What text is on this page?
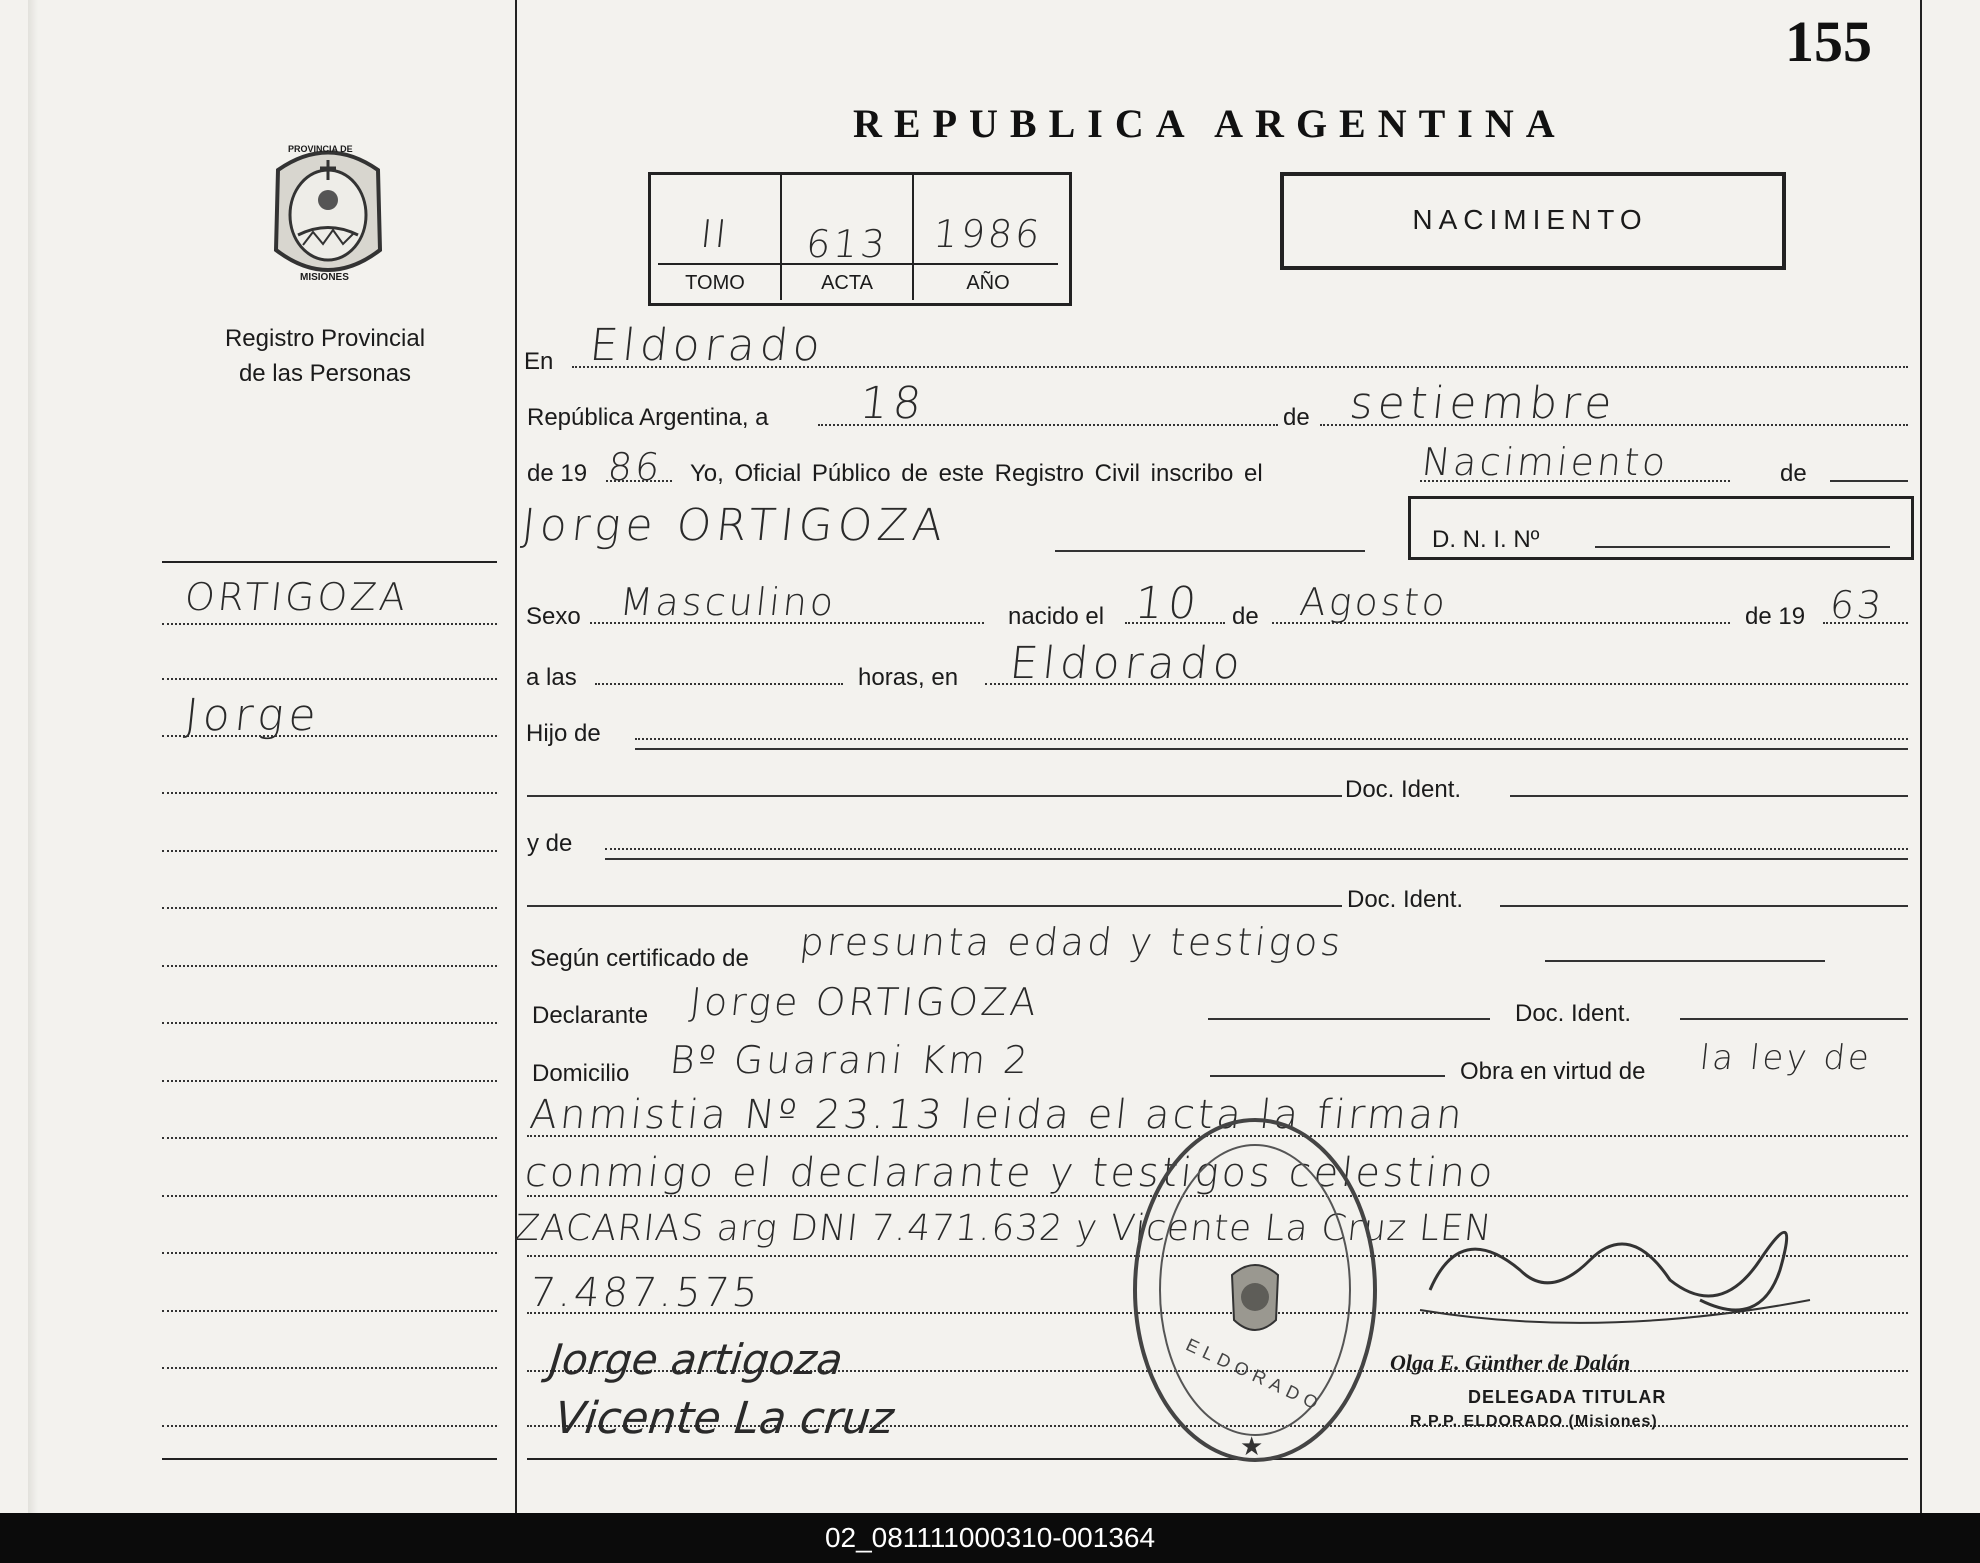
155
Registro Provincial
de las Personas
REPUBLICA ARGENTINA
II	613	1986
TOMO	ACTA	AÑO
NACIMIENTO
ORTIGOZA
Jorge
En Eldorado
República Argentina, a 18	de setiembre
de 19 86 Yo, Oficial Público de este Registro Civil inscribo el	Nacimiento	de
Jorge ORTIGOZA	D. N. I. Nº
Sexo Masculino	nacido el 10 de Agosto	de 19 63
a las	horas, en Eldorado
Hijo de
Doc. Ident.
y de
Doc. Ident.
Según certificado de presunta edad y testigos
Declarante Jorge ORTIGOZA	Doc. Ident.
Domicilio Bº Guarani Km 2	Obra en virtud de la ley de
Anmistia Nº 23.13 leida el acta la firman
conmigo el declarante y testigos celestino
ZACARIAS arg DNI 7.471.632 y Vicente La Cruz LEN
7.487.575
Jorge artigoza
Vicente La cruz
★
ELDORADO	Olga E. Günther de Dalán
DELEGADA TITULAR
R.P.P. ELDORADO (Misiones)
PROVINCIA DE
MISIONES
02_081111000310-001364
